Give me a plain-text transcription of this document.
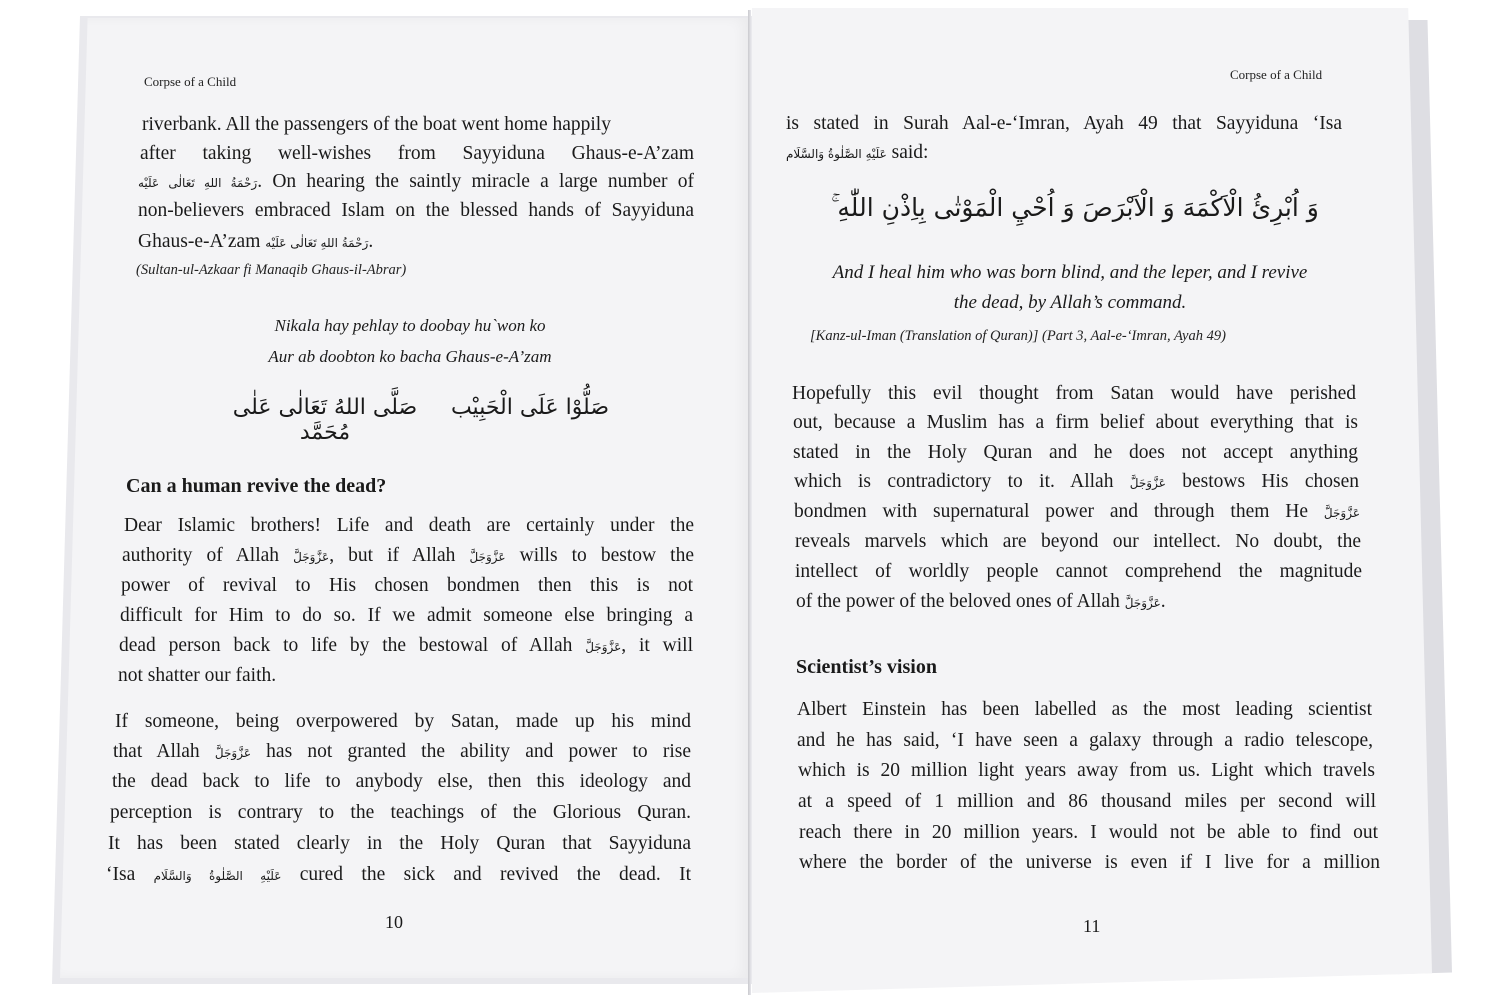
Corpse of a Child
riverbank. All the passengers of the boat went home happily
after taking well-wishes from Sayyiduna Ghaus-e-A’zam
رَحْمَةُ اللهِ تَعَالٰى عَلَيْه. On hearing the saintly miracle a large number of
non-believers embraced Islam on the blessed hands of Sayyiduna
Ghaus-e-A’zam رَحْمَةُ اللهِ تَعَالٰى عَلَيْه.
(Sultan-ul-Azkaar fi Manaqib Ghaus-il-Abrar)
Nikala hay pehlay to doobay hu`won ko
Aur ab doobton ko bacha Ghaus-e-A’zam
صَلُّوْا عَلَى الْحَبِيْب
صَلَّى اللهُ تَعَالٰى عَلٰى مُحَمَّد
Can a human revive the dead?
Dear Islamic brothers! Life and death are certainly under the
authority of Allah عَزَّوَجَلَّ, but if Allah عَزَّوَجَلَّ wills to bestow the
power of revival to His chosen bondmen then this is not
difficult for Him to do so. If we admit someone else bringing a
dead person back to life by the bestowal of Allah عَزَّوَجَلَّ, it will
not shatter our faith.
If someone, being overpowered by Satan, made up his mind
that Allah عَزَّوَجَلَّ has not granted the ability and power to rise
the dead back to life to anybody else, then this ideology and
perception is contrary to the teachings of the Glorious Quran.
It has been stated clearly in the Holy Quran that Sayyiduna
‘Isa عَلَيْهِ الصَّلٰوةُ وَالسَّلَام cured the sick and revived the dead. It
10
Corpse of a Child
is stated in Surah Aal-e-‘Imran, Ayah 49 that Sayyiduna ‘Isa
عَلَيْهِ الصَّلٰوةُ وَالسَّلَام said:
وَ اُبْرِئُ الْاَكْمَهَ وَ الْاَبْرَصَ وَ اُحْيِ الْمَوْتٰى بِاِذْنِ اللّٰهِ ۚ
And I heal him who was born blind, and the leper, and I revive
the dead, by Allah’s command.
[Kanz-ul-Iman (Translation of Quran)] (Part 3, Aal-e-‘Imran, Ayah 49)
Hopefully this evil thought from Satan would have perished
out, because a Muslim has a firm belief about everything that is
stated in the Holy Quran and he does not accept anything
which is contradictory to it. Allah عَزَّوَجَلَّ bestows His chosen
bondmen with supernatural power and through them He عَزَّوَجَلَّ
reveals marvels which are beyond our intellect. No doubt, the
intellect of worldly people cannot comprehend the magnitude
of the power of the beloved ones of Allah عَزَّوَجَلَّ.
Scientist’s vision
Albert Einstein has been labelled as the most leading scientist
and he has said, ‘I have seen a galaxy through a radio telescope,
which is 20 million light years away from us. Light which travels
at a speed of 1 million and 86 thousand miles per second will
reach there in 20 million years. I would not be able to find out
where the border of the universe is even if I live for a million
11
